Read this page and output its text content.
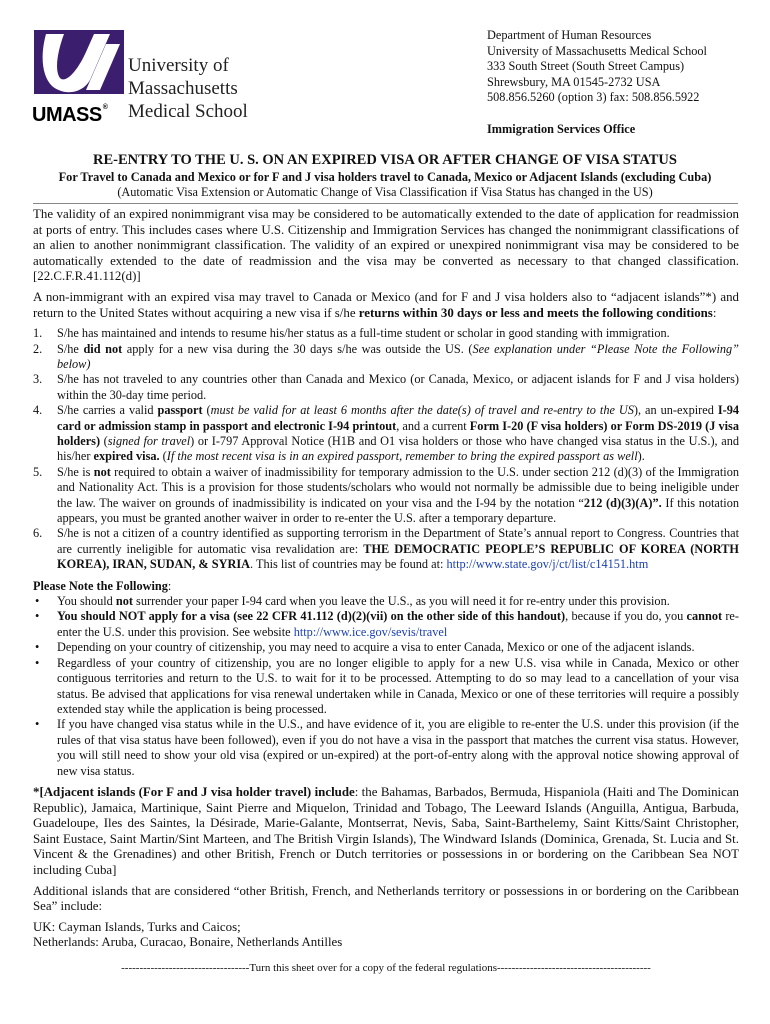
UMASS®
University of
Massachusetts
Medical School
Department of Human Resources
University of Massachusetts Medical School
333 South Street (South Street Campus)
Shrewsbury, MA 01545-2732 USA
508.856.5260 (option 3) fax: 508.856.5922
Immigration Services Office
RE-ENTRY TO THE U. S. ON AN EXPIRED VISA OR AFTER CHANGE OF VISA STATUS
For Travel to Canada and Mexico or for F and J visa holders travel to Canada, Mexico or Adjacent Islands (excluding Cuba)
(Automatic Visa Extension or Automatic Change of Visa Classification if Visa Status has changed in the US)

The validity of an expired nonimmigrant visa may be considered to be automatically extended to the date of application for readmission at ports of entry. This includes cases where U.S. Citizenship and Immigration Services has changed the nonimmigrant classifications of an alien to another nonimmigrant classification. The validity of an expired or unexpired nonimmigrant visa may be considered to be automatically extended to the date of readmission and the visa may be converted as necessary to that changed classification. [22.C.F.R.41.112(d)]

A non-immigrant with an expired visa may travel to Canada or Mexico (and for F and J visa holders also to “adjacent islands”*) and return to the United States without acquiring a new visa if s/he returns within 30 days or less and meets the following conditions:

1. S/he has maintained and intends to resume his/her status as a full-time student or scholar in good standing with immigration.
2. S/he did not apply for a new visa during the 30 days s/he was outside the US. (See explanation under “Please Note the Following” below)
3. S/he has not traveled to any countries other than Canada and Mexico (or Canada, Mexico, or adjacent islands for F and J visa holders) within the 30-day time period.
4. S/he carries a valid passport (must be valid for at least 6 months after the date(s) of travel and re-entry to the US), an un-expired I-94 card or admission stamp in passport and electronic I-94 printout, and a current Form I-20 (F visa holders) or Form DS-2019 (J visa holders) (signed for travel) or I-797 Approval Notice (H1B and O1 visa holders or those who have changed visa status in the U.S.), and his/her expired visa. (If the most recent visa is in an expired passport, remember to bring the expired passport as well).
5. S/he is not required to obtain a waiver of inadmissibility for temporary admission to the U.S. under section 212 (d)(3) of the Immigration and Nationality Act. This is a provision for those students/scholars who would not normally be admissible due to being ineligible under the law. The waiver on grounds of inadmissibility is indicated on your visa and the I-94 by the notation “212 (d)(3)(A)”. If this notation appears, you must be granted another waiver in order to re-enter the U.S. after a temporary departure.
6. S/he is not a citizen of a country identified as supporting terrorism in the Department of State’s annual report to Congress. Countries that are currently ineligible for automatic visa revalidation are: THE DEMOCRATIC PEOPLE’S REPUBLIC OF KOREA (NORTH KOREA), IRAN, SUDAN, & SYRIA. This list of countries may be found at: http://www.state.gov/j/ct/list/c14151.htm
Please Note the Following:
• You should not surrender your paper I-94 card when you leave the U.S., as you will need it for re-entry under this provision.
• You should NOT apply for a visa (see 22 CFR 41.112 (d)(2)(vii) on the other side of this handout), because if you do, you cannot re-enter the U.S. under this provision. See website http://www.ice.gov/sevis/travel
• Depending on your country of citizenship, you may need to acquire a visa to enter Canada, Mexico or one of the adjacent islands.
• Regardless of your country of citizenship, you are no longer eligible to apply for a new U.S. visa while in Canada, Mexico or other contiguous territories and return to the U.S. to wait for it to be processed. Attempting to do so may lead to a cancellation of your visa status. Be advised that applications for visa renewal undertaken while in Canada, Mexico or one of these territories will require a possibly extended stay while the application is being processed.
• If you have changed visa status while in the U.S., and have evidence of it, you are eligible to re-enter the U.S. under this provision (if the rules of that visa status have been followed), even if you do not have a visa in the passport that matches the current visa status. However, you will still need to show your old visa (expired or un-expired) at the port-of-entry along with the approval notice showing approval of new visa status.

*[Adjacent islands (For F and J visa holder travel) include: the Bahamas, Barbados, Bermuda, Hispaniola (Haiti and The Dominican Republic), Jamaica, Martinique, Saint Pierre and Miquelon, Trinidad and Tobago, The Leeward Islands (Anguilla, Antigua, Barbuda, Guadeloupe, Iles des Saintes, la Désirade, Marie-Galante, Montserrat, Nevis, Saba, Saint-Barthelemy, Saint Kitts/Saint Christopher, Saint Eustace, Saint Martin/Sint Marteen, and The British Virgin Islands), The Windward Islands (Dominica, Grenada, St. Lucia and St. Vincent & the Grenadines) and other British, French or Dutch territories or possessions in or bordering on the Caribbean Sea NOT including Cuba]

Additional islands that are considered “other British, French, and Netherlands territory or possessions in or bordering on the Caribbean Sea” include:

UK: Cayman Islands, Turks and Caicos;

Netherlands: Aruba, Curacao, Bonaire, Netherlands Antilles

-----------------------------------Turn this sheet over for a copy of the federal regulations------------------------------------------
